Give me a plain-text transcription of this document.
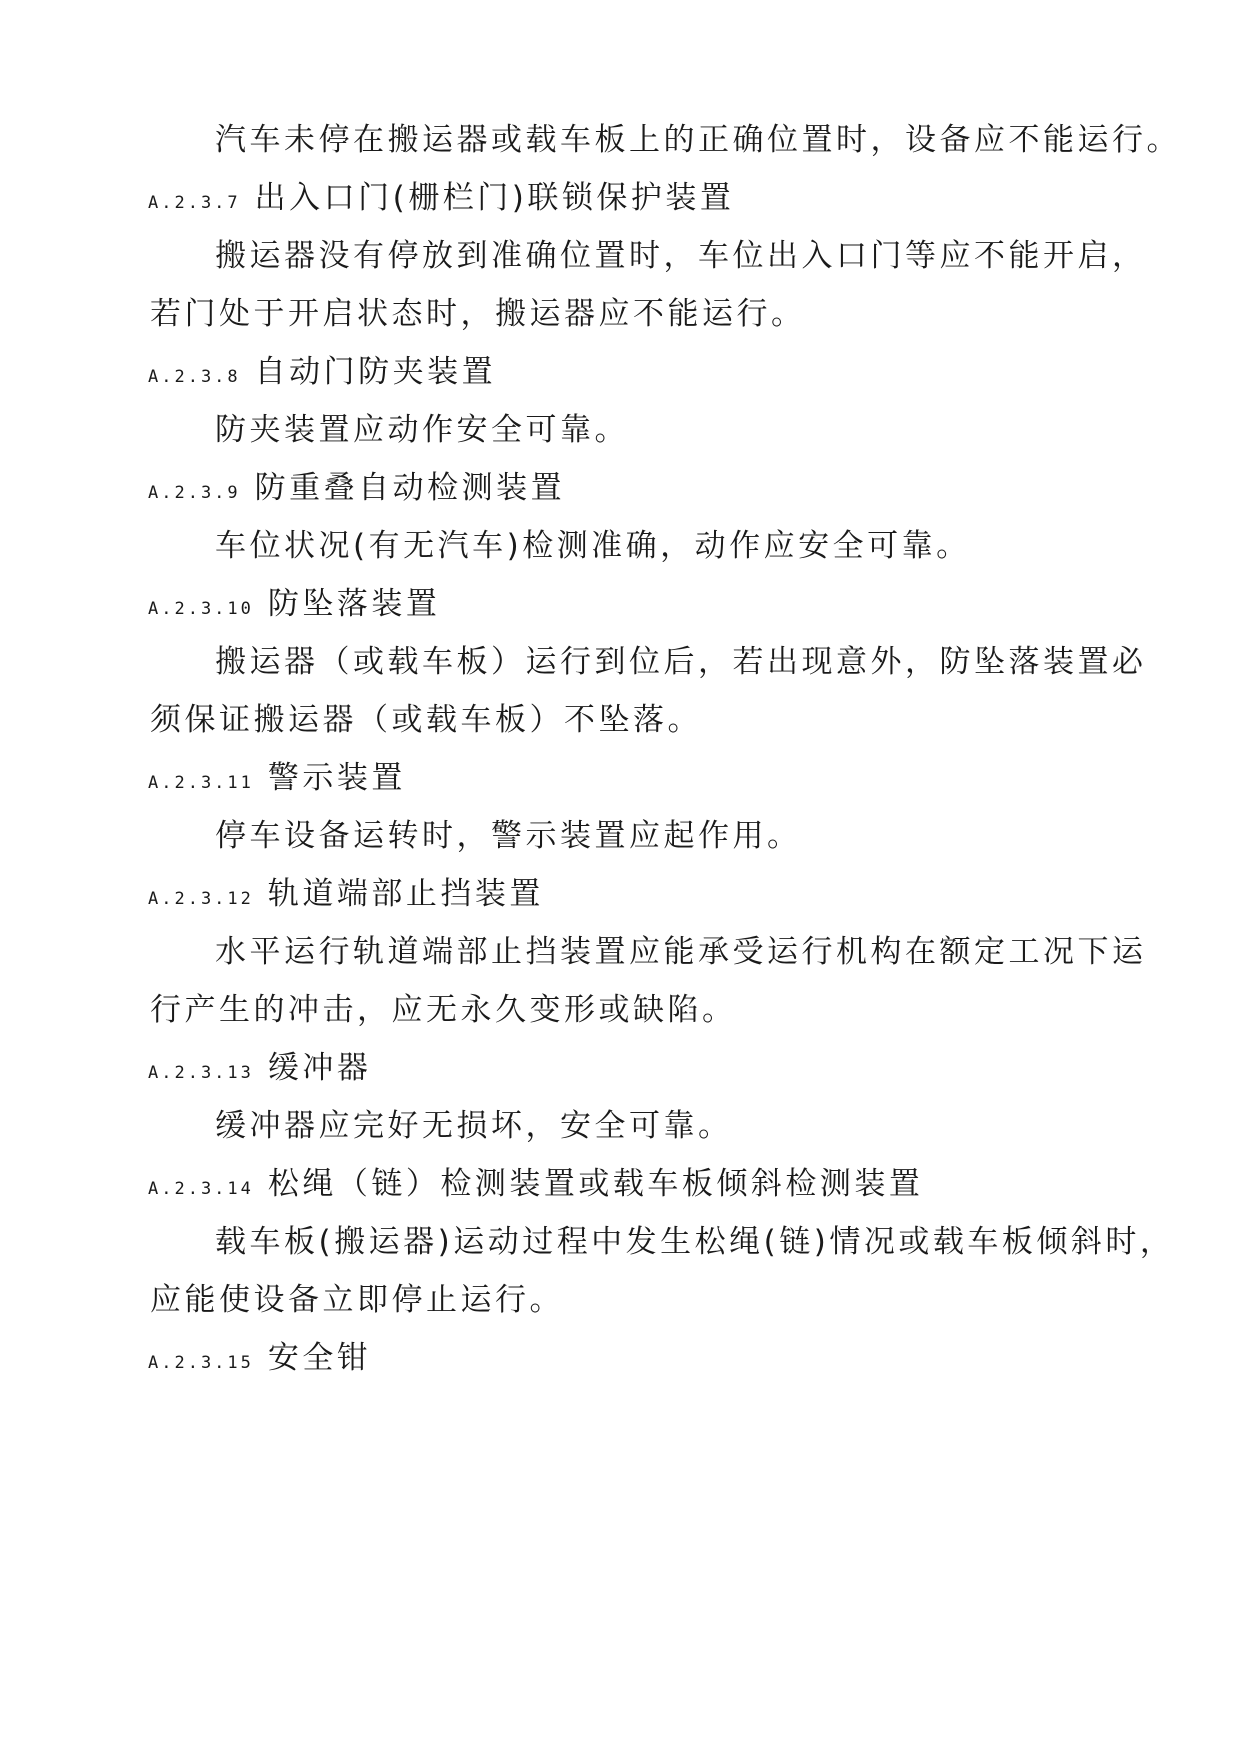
汽车未停在搬运器或载车板上的正确位置时，设备应不能运行。
A.2.3.7 出入口门(栅栏门)联锁保护装置
搬运器没有停放到准确位置时，车位出入口门等应不能开启，
若门处于开启状态时，搬运器应不能运行。
A.2.3.8 自动门防夹装置
防夹装置应动作安全可靠。
A.2.3.9 防重叠自动检测装置
车位状况(有无汽车)检测准确，动作应安全可靠。
A.2.3.10 防坠落装置
搬运器（或载车板）运行到位后，若出现意外，防坠落装置必
须保证搬运器（或载车板）不坠落。
A.2.3.11 警示装置
停车设备运转时，警示装置应起作用。
A.2.3.12 轨道端部止挡装置
水平运行轨道端部止挡装置应能承受运行机构在额定工况下运
行产生的冲击，应无永久变形或缺陷。
A.2.3.13 缓冲器
缓冲器应完好无损坏，安全可靠。
A.2.3.14 松绳（链）检测装置或载车板倾斜检测装置
载车板(搬运器)运动过程中发生松绳(链)情况或载车板倾斜时，
应能使设备立即停止运行。
A.2.3.15 安全钳
